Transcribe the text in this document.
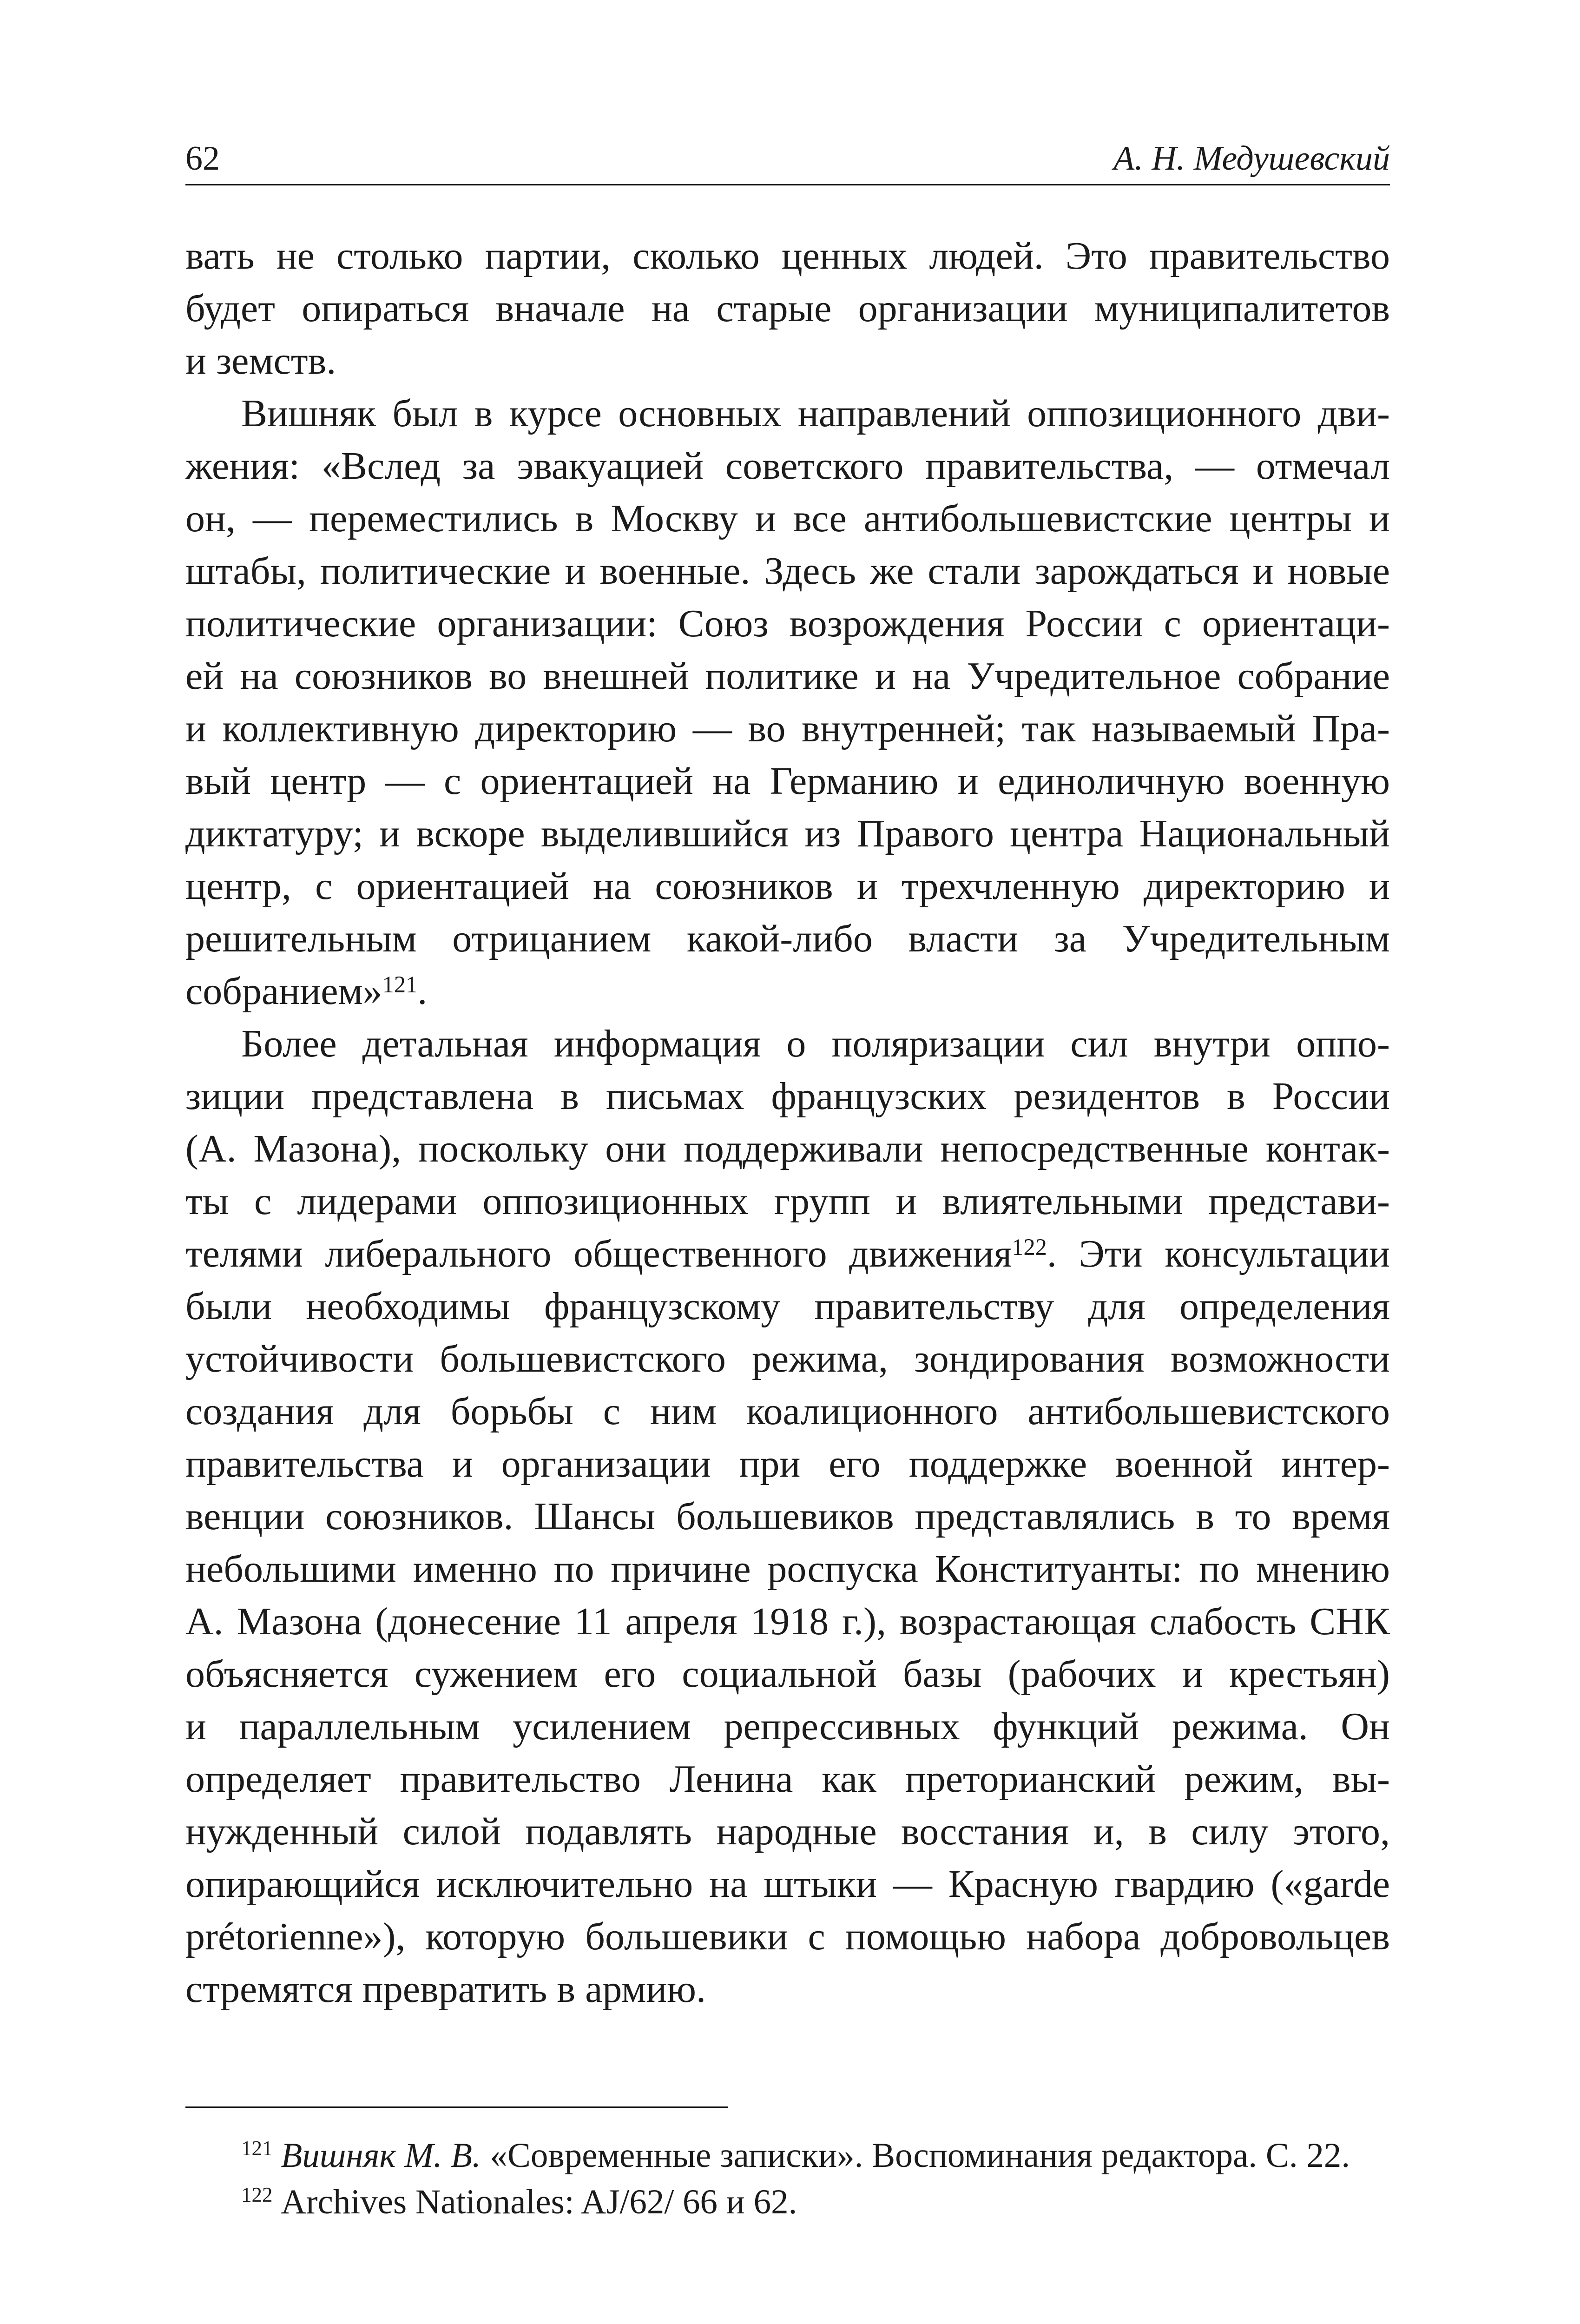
62	А. Н. Медушевский
вать не столько партии, сколько ценных людей. Это правительство
будет опираться вначале на старые организации муниципалитетов
и земств.
Вишняк был в курсе основных направлений оппозиционного дви-
жения: «Вслед за эвакуацией советского правительства, — отмечал
он, — переместились в Москву и все антибольшевистские центры и
штабы, политические и военные. Здесь же стали зарождаться и новые
политические организации: Союз возрождения России с ориентаци-
ей на союзников во внешней политике и на Учредительное собрание
и коллективную директорию — во внутренней; так называемый Пра-
вый центр — с ориентацией на Германию и единоличную военную
диктатуру; и вскоре выделившийся из Правого центра Национальный
центр, с ориентацией на союзников и трехчленную директорию и
решительным отрицанием какой-либо власти за Учредительным
собранием»$^{121}$.
Более детальная информация о поляризации сил внутри оппо-
зиции представлена в письмах французских резидентов в России
(А. Мазона), поскольку они поддерживали непосредственные контак-
ты с лидерами оппозиционных групп и влиятельными представи-
телями либерального общественного движения$^{122}$. Эти консультации
были необходимы французскому правительству для определения
устойчивости большевистского режима, зондирования возможности
создания для борьбы с ним коалиционного антибольшевистского
правительства и организации при его поддержке военной интер-
венции союзников. Шансы большевиков представлялись в то время
небольшими именно по причине роспуска Конституанты: по мнению
А. Мазона (донесение 11 апреля 1918 г.), возрастающая слабость СНК
объясняется сужением его социальной базы (рабочих и крестьян)
и параллельным усилением репрессивных функций режима. Он
определяет правительство Ленина как преторианский режим, вы-
нужденный силой подавлять народные восстания и, в силу этого,
опирающийся исключительно на штыки — Красную гвардию («garde
prétorienne»), которую большевики с помощью набора добровольцев
стремятся превратить в армию.
$^{121}$ Вишняк М. В. «Современные записки». Воспоминания редактора. С. 22.
$^{122}$ Archives Nationales: AJ/62/ 66 и 62.
